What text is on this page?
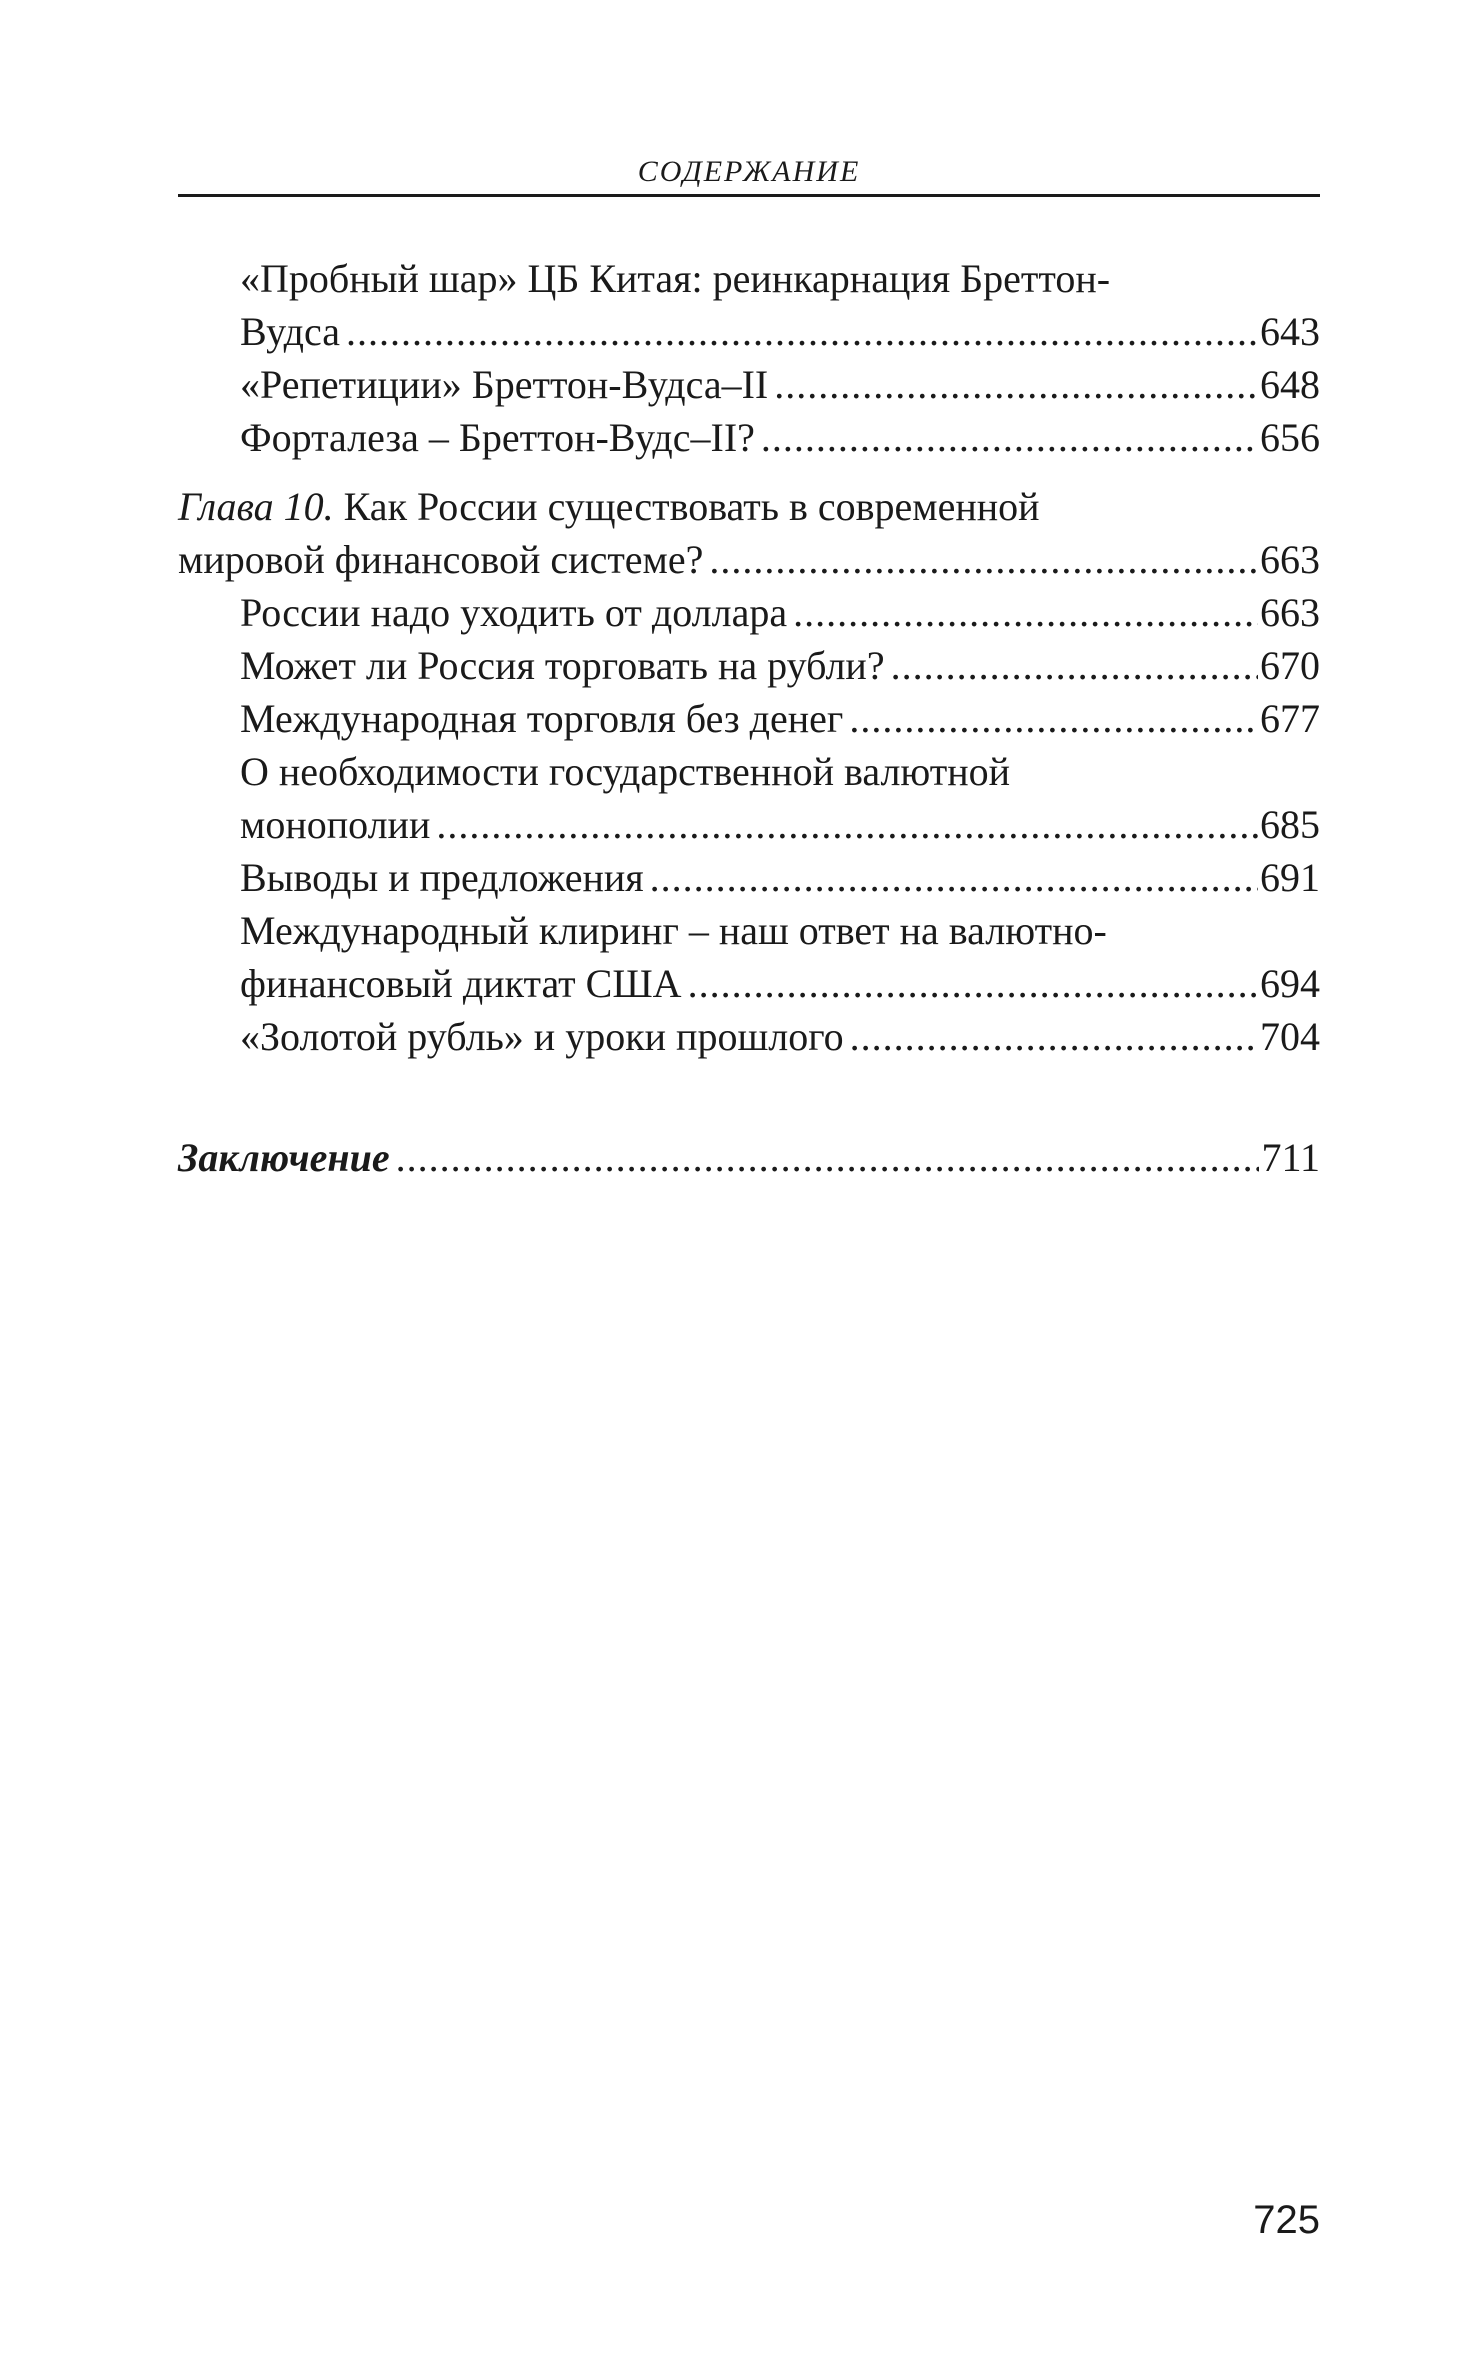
СОДЕРЖАНИЕ
«Пробный шар» ЦБ Китая: реинкарнация Бреттон-
Вудса .....	643
«Репетиции» Бреттон-Вудса–II .....	648
Форталеза – Бреттон-Вудс–II? .....	656
Глава 10. Как России существовать в современной
мировой финансовой системе? .....	663
России надо уходить от доллара .....	663
Может ли Россия торговать на рубли? .....	670
Международная торговля без денег .....	677
О необходимости государственной валютной
монополии .....	685
Выводы и предложения .....	691
Международный клиринг – наш ответ на валютно-
финансовый диктат США .....	694
«Золотой рубль» и уроки прошлого .....	704
Заключение .....	711
725
